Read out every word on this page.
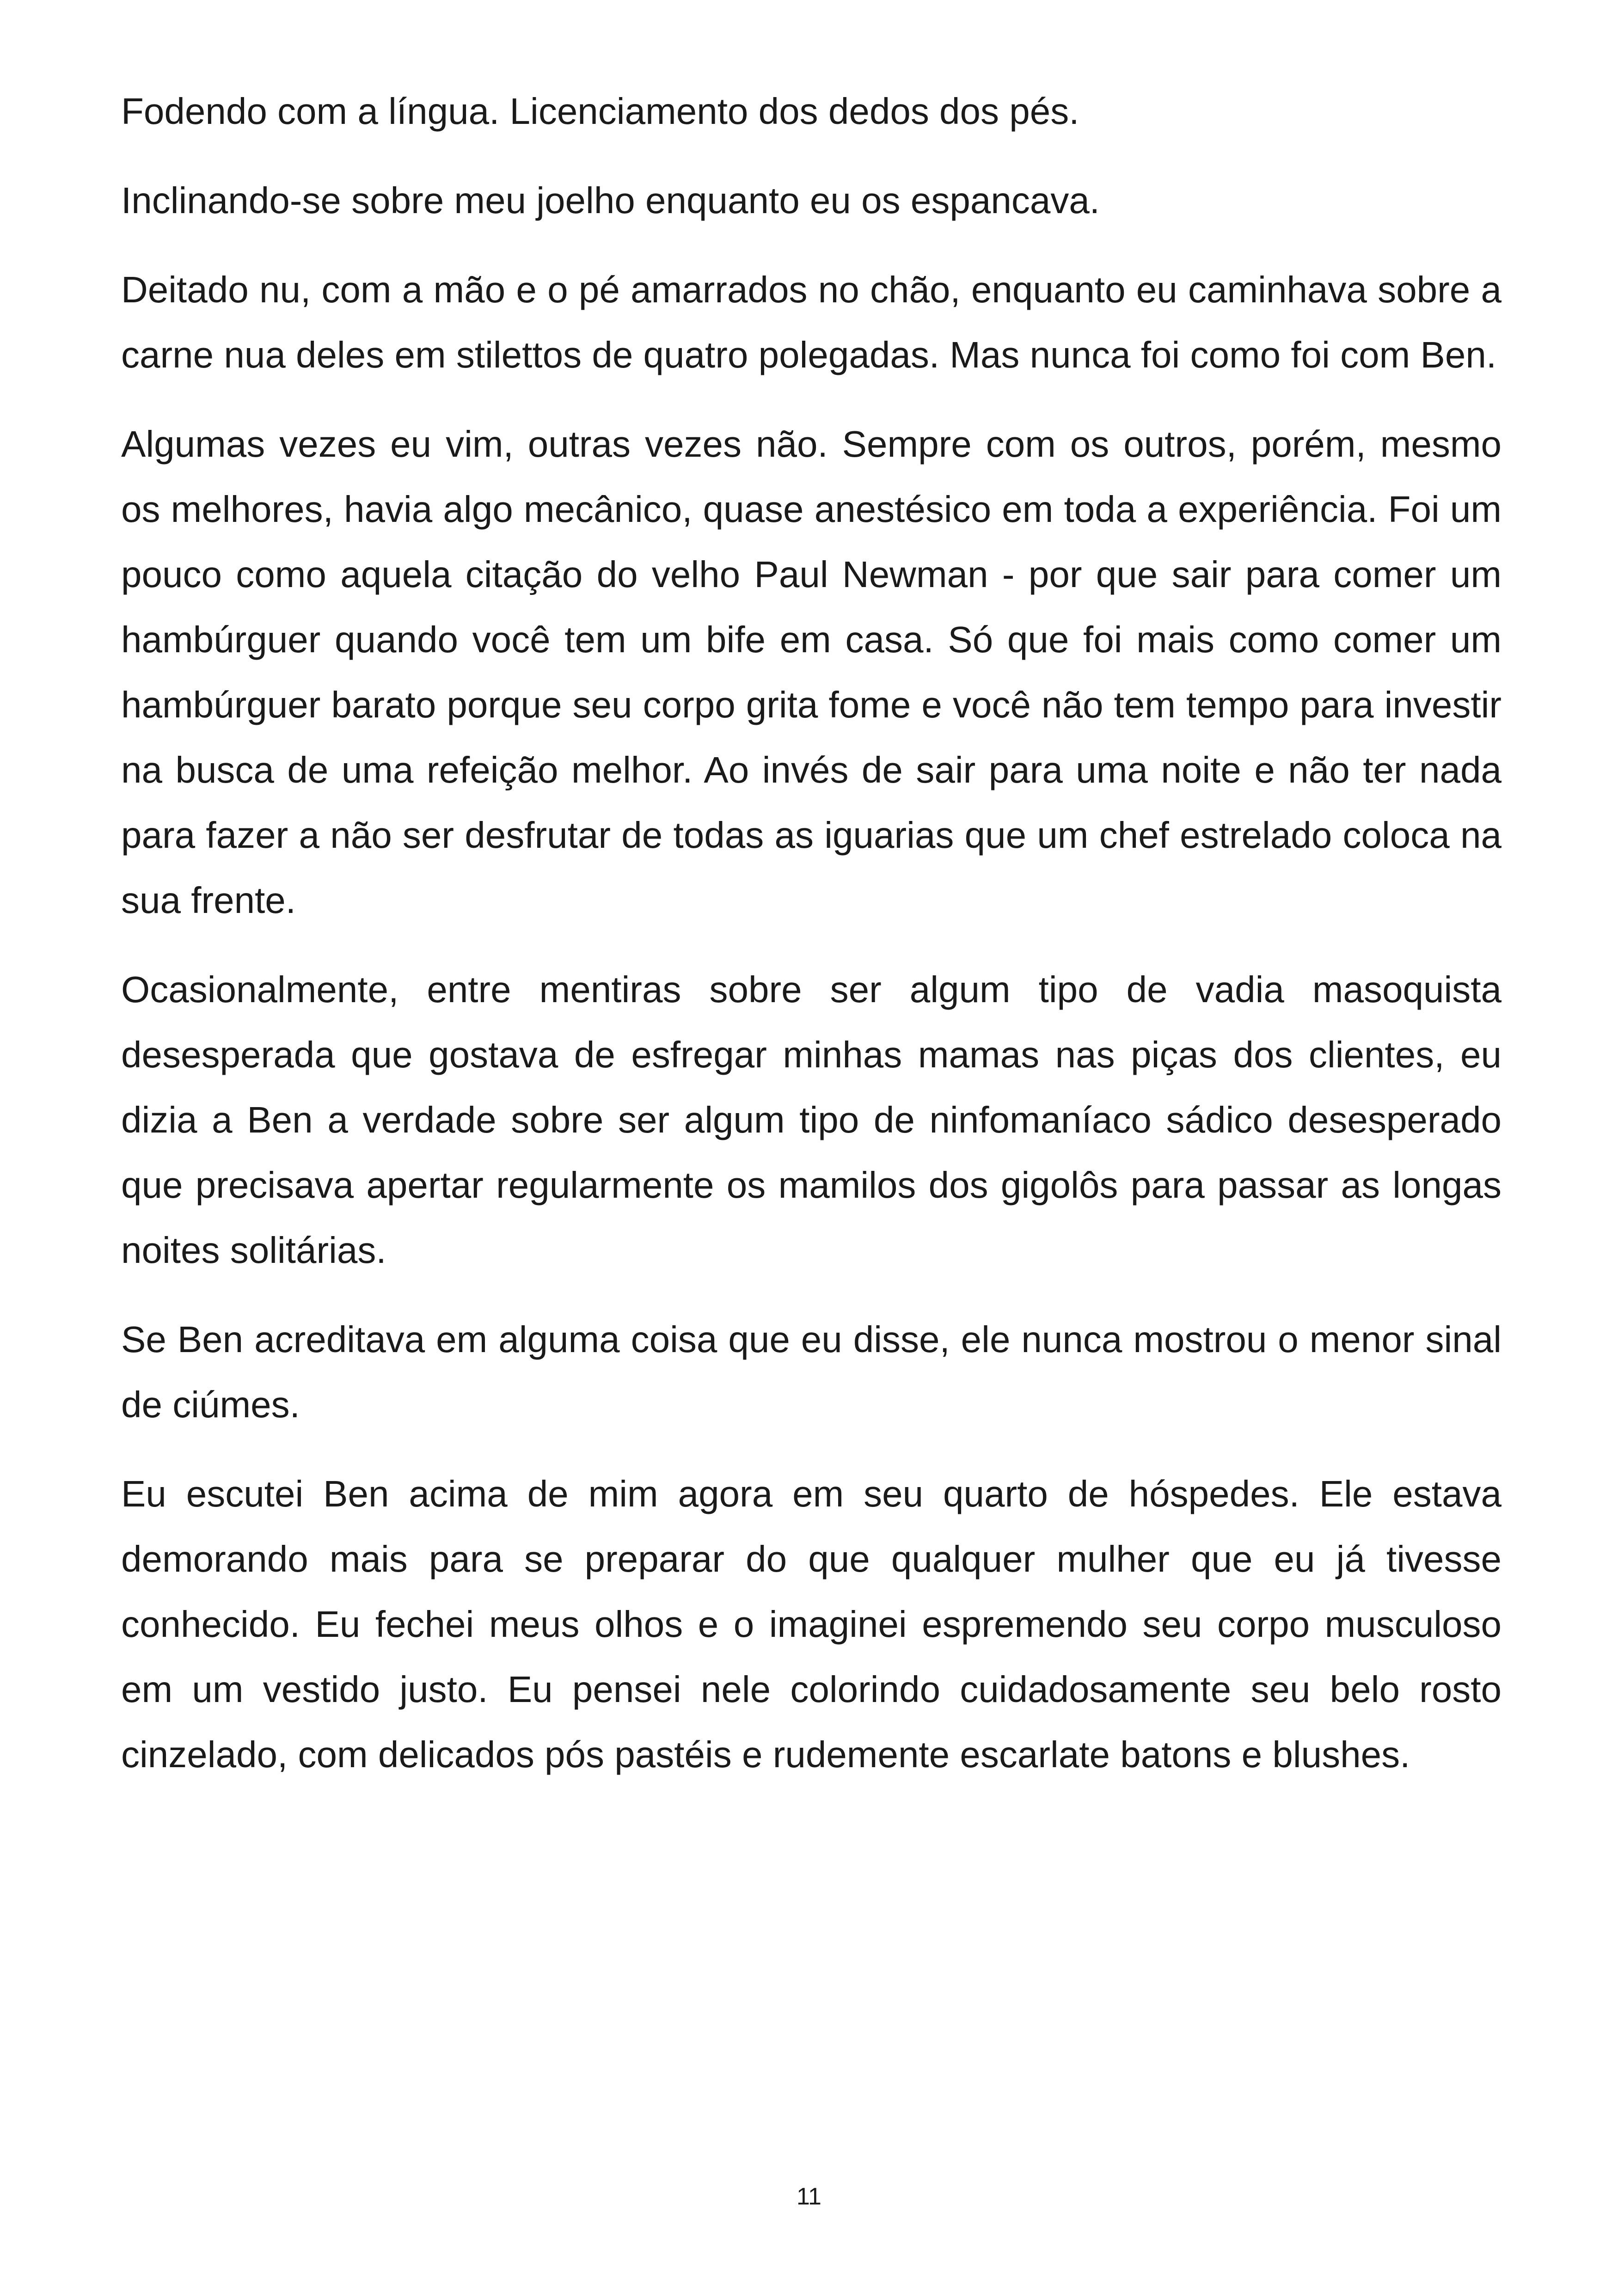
Fodendo com a língua. Licenciamento dos dedos dos pés.

Inclinando-se sobre meu joelho enquanto eu os espancava.

Deitado nu, com a mão e o pé amarrados no chão, enquanto eu caminhava sobre a carne nua deles em stilettos de quatro polegadas. Mas nunca foi como foi com Ben.

Algumas vezes eu vim, outras vezes não. Sempre com os outros, porém, mesmo os melhores, havia algo mecânico, quase anestésico em toda a experiência. Foi um pouco como aquela citação do velho Paul Newman - por que sair para comer um hambúrguer quando você tem um bife em casa. Só que foi mais como comer um hambúrguer barato porque seu corpo grita fome e você não tem tempo para investir na busca de uma refeição melhor. Ao invés de sair para uma noite e não ter nada para fazer a não ser desfrutar de todas as iguarias que um chef estrelado coloca na sua frente.

Ocasionalmente, entre mentiras sobre ser algum tipo de vadia masoquista desesperada que gostava de esfregar minhas mamas nas piças dos clientes, eu dizia a Ben a verdade sobre ser algum tipo de ninfomaníaco sádico desesperado que precisava apertar regularmente os mamilos dos gigolôs para passar as longas noites solitárias.

Se Ben acreditava em alguma coisa que eu disse, ele nunca mostrou o menor sinal de ciúmes.

Eu escutei Ben acima de mim agora em seu quarto de hóspedes. Ele estava demorando mais para se preparar do que qualquer mulher que eu já tivesse conhecido. Eu fechei meus olhos e o imaginei espremendo seu corpo musculoso em um vestido justo. Eu pensei nele colorindo cuidadosamente seu belo rosto cinzelado, com delicados pós pastéis e rudemente escarlate batons e blushes.

11
